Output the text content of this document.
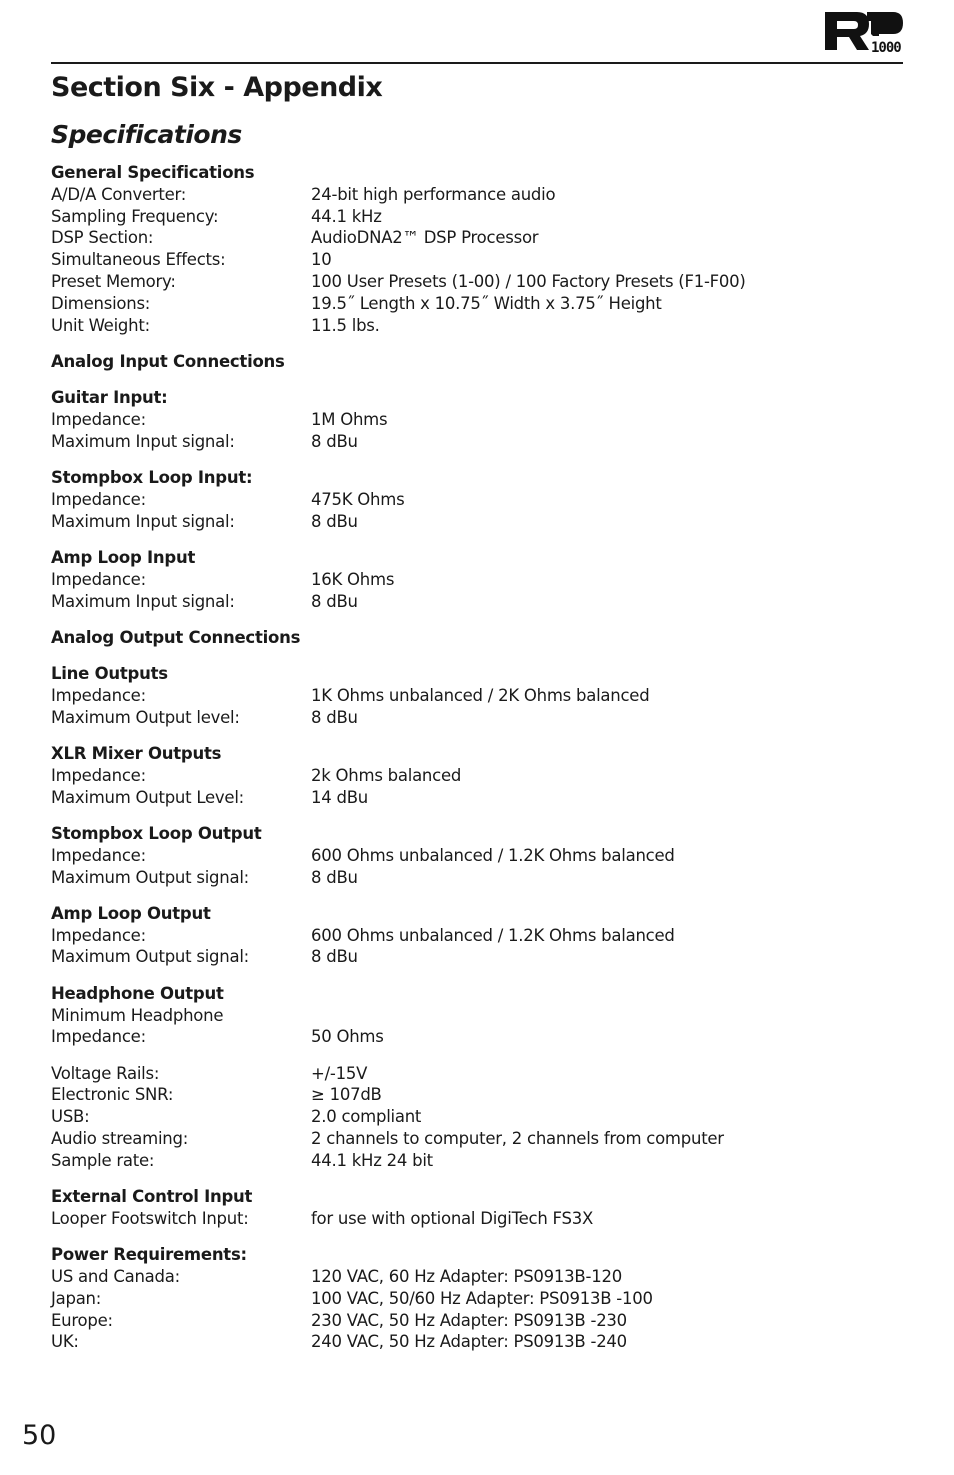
1000
Section Six - Appendix
Specifications
General Specifications
A/D/A Converter:	24-bit high performance audio
Sampling Frequency:	44.1 kHz
DSP Section:	AudioDNA2™ DSP Processor
Simultaneous Effects:	10
Preset Memory:	100 User Presets (1-00) / 100 Factory Presets (F1-F00)
Dimensions:	19.5˝ Length x 10.75˝ Width x 3.75˝ Height
Unit Weight:	11.5 lbs.
Analog Input Connections
Guitar Input:
Impedance:	1M Ohms
Maximum Input signal:	8 dBu
Stompbox Loop Input:
Impedance:	475K Ohms
Maximum Input signal:	8 dBu
Amp Loop Input
Impedance:	16K Ohms
Maximum Input signal:	8 dBu
Analog Output Connections
Line Outputs
Impedance:	1K Ohms unbalanced / 2K Ohms balanced
Maximum Output level:	8 dBu
XLR Mixer Outputs
Impedance:	2k Ohms balanced
Maximum Output Level:	14 dBu
Stompbox Loop Output
Impedance:	600 Ohms unbalanced / 1.2K Ohms balanced
Maximum Output signal:	8 dBu
Amp Loop Output
Impedance:	600 Ohms unbalanced / 1.2K Ohms balanced
Maximum Output signal:	8 dBu
Headphone Output
Minimum Headphone
Impedance:	50 Ohms
Voltage Rails:	+/-15V
Electronic SNR:	≥ 107dB
USB:	2.0 compliant
Audio streaming:	2 channels to computer, 2 channels from computer
Sample rate:	44.1 kHz 24 bit
External Control Input
Looper Footswitch Input:	for use with optional DigiTech FS3X
Power Requirements:
US and Canada:	120 VAC, 60 Hz Adapter: PS0913B-120
Japan:	100 VAC, 50/60 Hz Adapter: PS0913B -100
Europe:	230 VAC, 50 Hz Adapter: PS0913B -230
UK:	240 VAC, 50 Hz Adapter: PS0913B -240
50
